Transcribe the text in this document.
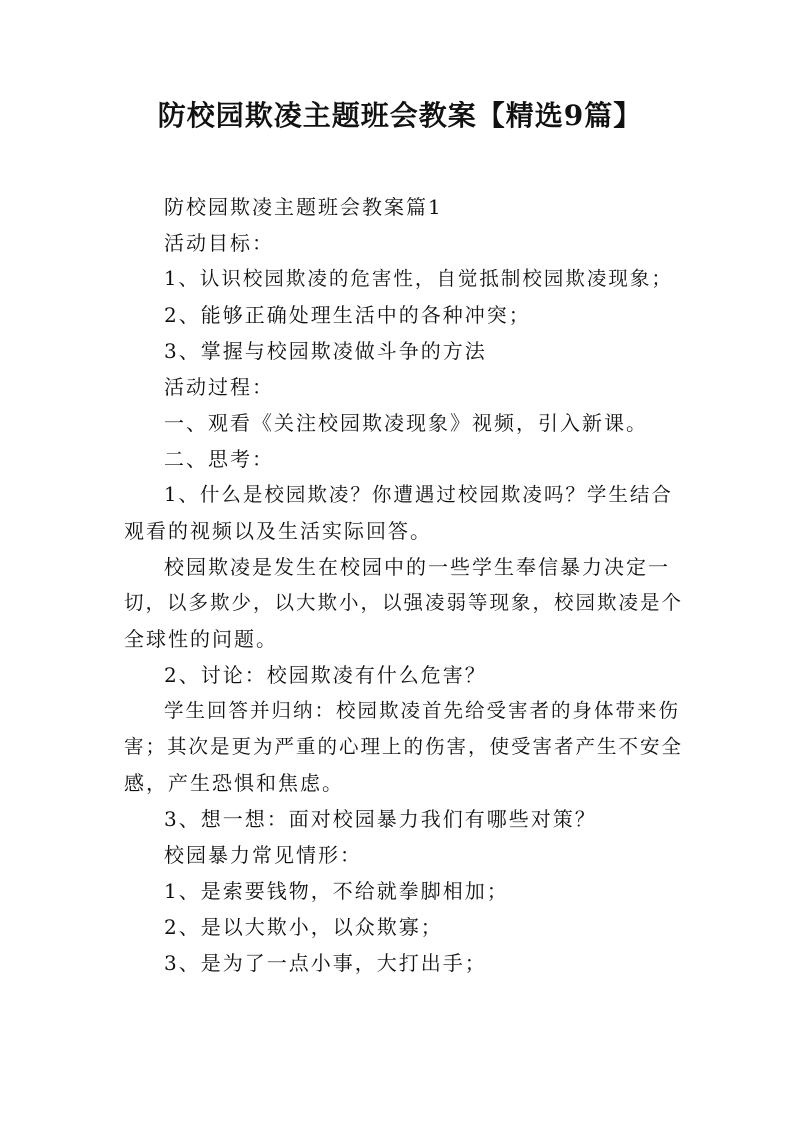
防校园欺凌主题班会教案【精选9篇】

防校园欺凌主题班会教案篇1

活动目标：

1、认识校园欺凌的危害性，自觉抵制校园欺凌现象；

2、能够正确处理生活中的各种冲突；

3、掌握与校园欺凌做斗争的方法

活动过程：

一、观看《关注校园欺凌现象》视频，引入新课。

二、思考：

1、什么是校园欺凌？你遭遇过校园欺凌吗？学生结合

观看的视频以及生活实际回答。

校园欺凌是发生在校园中的一些学生奉信暴力决定一

切，以多欺少，以大欺小，以强凌弱等现象，校园欺凌是个

全球性的问题。

2、讨论：校园欺凌有什么危害？

学生回答并归纳：校园欺凌首先给受害者的身体带来伤

害；其次是更为严重的心理上的伤害，使受害者产生不安全

感，产生恐惧和焦虑。

3、想一想：面对校园暴力我们有哪些对策？

校园暴力常见情形：

1、是索要钱物，不给就拳脚相加；

2、是以大欺小，以众欺寡；

3、是为了一点小事，大打出手；
